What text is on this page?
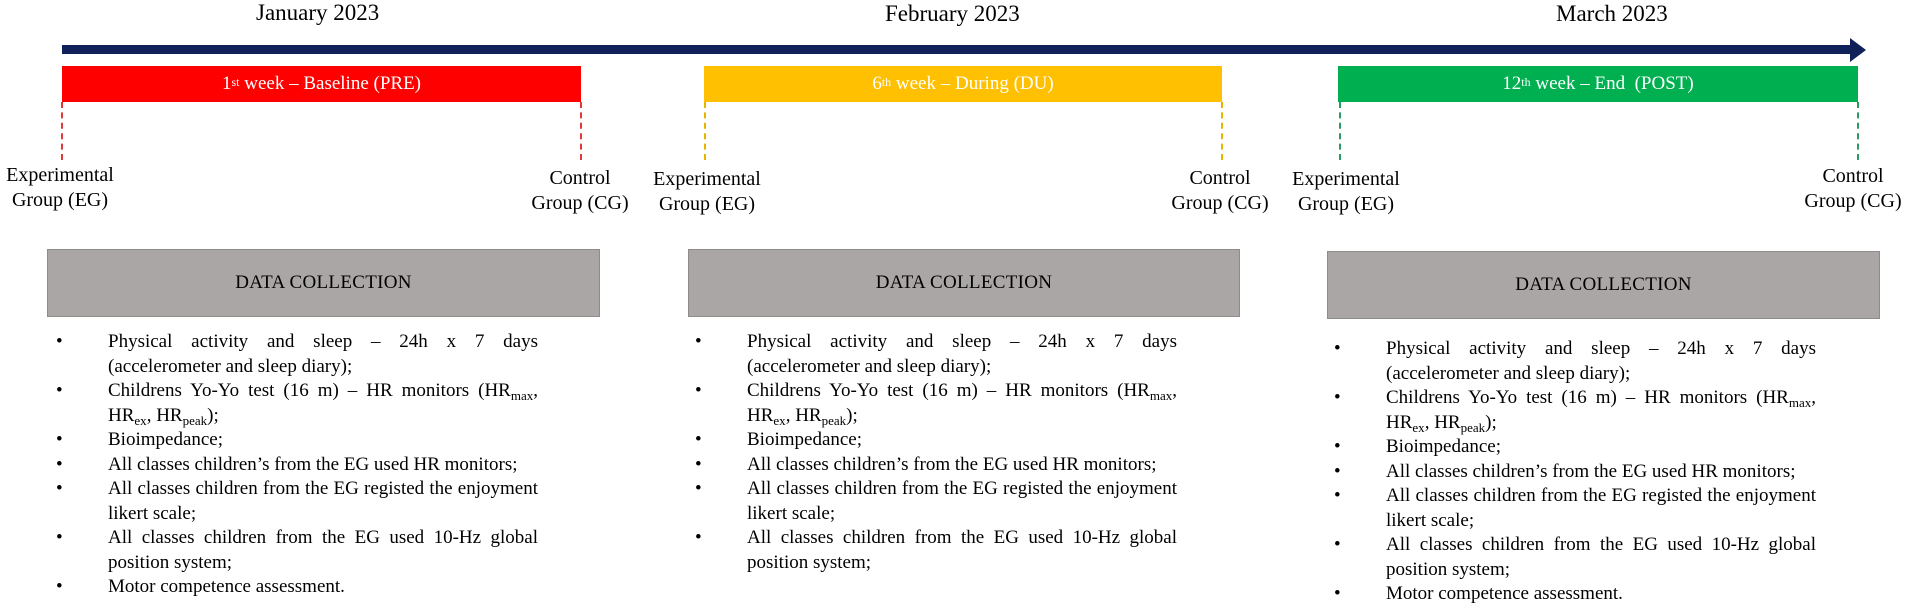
January 2023	February 2023	March 2023
1st week – Baseline (PRE)	6th week – During (DU)	12th week – End  (POST)
Experimental
Group (EG)
Control
Group (CG)
Experimental
Group (EG)
Control
Group (CG)
Experimental
Group (EG)
Control
Group (CG)
DATA COLLECTION	DATA COLLECTION	DATA COLLECTION
• Physical activity and sleep – 24h x 7 days (accelerometer and sleep diary);
• Childrens Yo-Yo test (16 m) – HR monitors ($HR_{max}$, $HR_{ex}$, $HR_{peak}$);
• Bioimpedance;
• All classes children’s from the EG used HR monitors;
• All classes children from the EG registed the enjoyment likert scale;
• All classes children from the EG used 10-Hz global position system;
• Motor competence assessment.
• Physical activity and sleep – 24h x 7 days (accelerometer and sleep diary);
• Childrens Yo-Yo test (16 m) – HR monitors ($HR_{max}$, $HR_{ex}$, $HR_{peak}$);
• Bioimpedance;
• All classes children’s from the EG used HR monitors;
• All classes children from the EG registed the enjoyment likert scale;
• All classes children from the EG used 10-Hz global position system;
• Physical activity and sleep – 24h x 7 days (accelerometer and sleep diary);
• Childrens Yo-Yo test (16 m) – HR monitors ($HR_{max}$, $HR_{ex}$, $HR_{peak}$);
• Bioimpedance;
• All classes children’s from the EG used HR monitors;
• All classes children from the EG registed the enjoyment likert scale;
• All classes children from the EG used 10-Hz global position system;
• Motor competence assessment.
